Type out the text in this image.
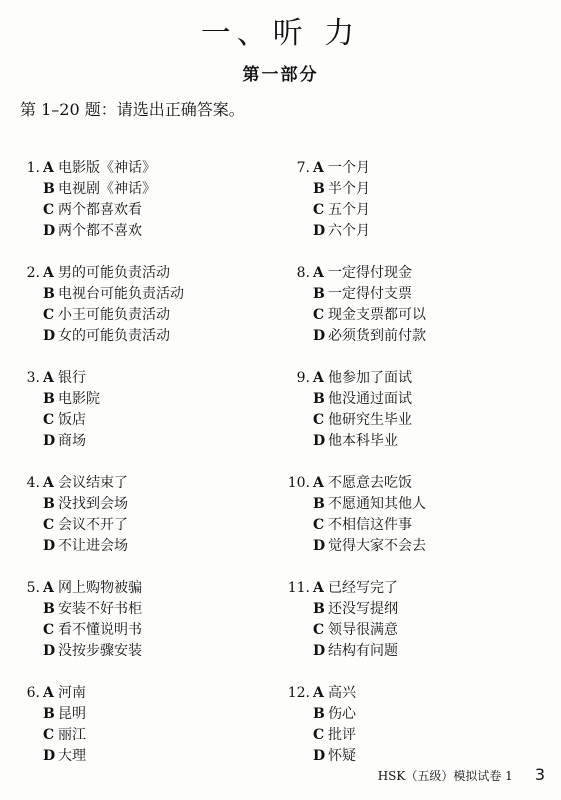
一、听 力
第一部分
第 1–20 题：请选出正确答案。
1. A 电影版《神话》
B 电视剧《神话》
C 两个都喜欢看
D 两个都不喜欢
2. A 男的可能负责活动
B 电视台可能负责活动
C 小王可能负责活动
D 女的可能负责活动
3. A 银行
B 电影院
C 饭店
D 商场
4. A 会议结束了
B 没找到会场
C 会议不开了
D 不让进会场
5. A 网上购物被骗
B 安装不好书柜
C 看不懂说明书
D 没按步骤安装
6. A 河南
B 昆明
C 丽江
D 大理
7. A 一个月
B 半个月
C 五个月
D 六个月
8. A 一定得付现金
B 一定得付支票
C 现金支票都可以
D 必须货到前付款
9. A 他参加了面试
B 他没通过面试
C 他研究生毕业
D 他本科毕业
10. A 不愿意去吃饭
B 不愿通知其他人
C 不相信这件事
D 觉得大家不会去
11. A 已经写完了
B 还没写提纲
C 领导很满意
D 结构有问题
12. A 高兴
B 伤心
C 批评
D 怀疑
HSK（五级）模拟试卷 1 3
